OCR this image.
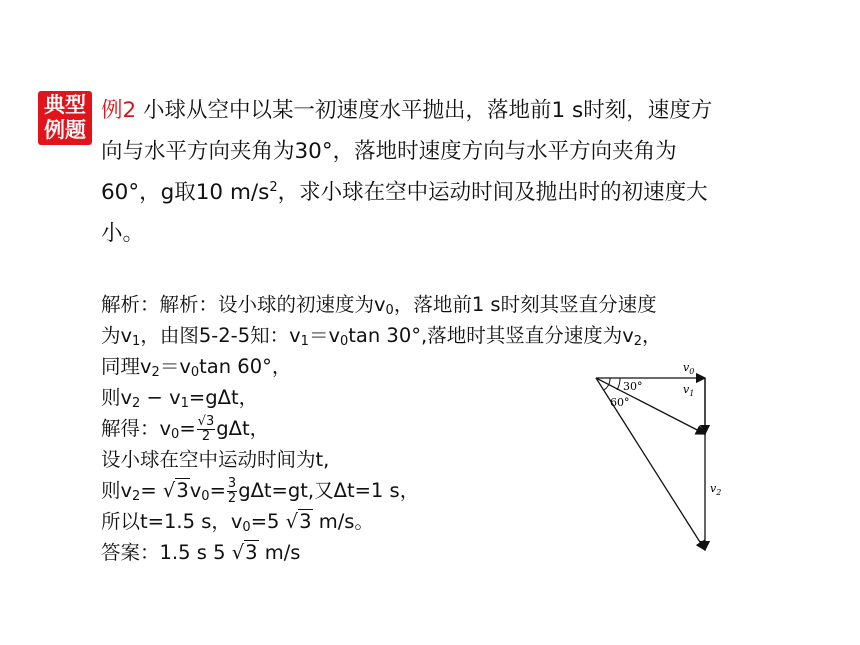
典型
例题

例2 小球从空中以某一初速度水平抛出，落地前1 s时刻，速度方

向与水平方向夹角为30°，落地时速度方向与水平方向夹角为

60°，g取10 $m/s^2$，求小球在空中运动时间及抛出时的初速度大

小。

解析：解析：设小球的初速度为$v_0$，落地前1 s时刻其竖直分速度

为$v_1$，由图5-2-5知：$v_1=v_0\tan$ 30°,落地时其竖直分速度为$v_2$，

同理$v_2=v_0\tan$ 60°，

则$v_2 - v_1=g\Delta t$，

解得：$v_0= \frac{√3}{2}$ gΔt，

设小球在空中运动时间为t,

则$v_2= √3v_0= \frac{3}{2} g\Delta t=gt$,又Δt=1 s，

所以t=1.5 s，$v_0=5$ √3 m/s。

答案：1.5 s 5 √3 m/s

30°
60°
$v_0$
$v_1$
$v_2$
